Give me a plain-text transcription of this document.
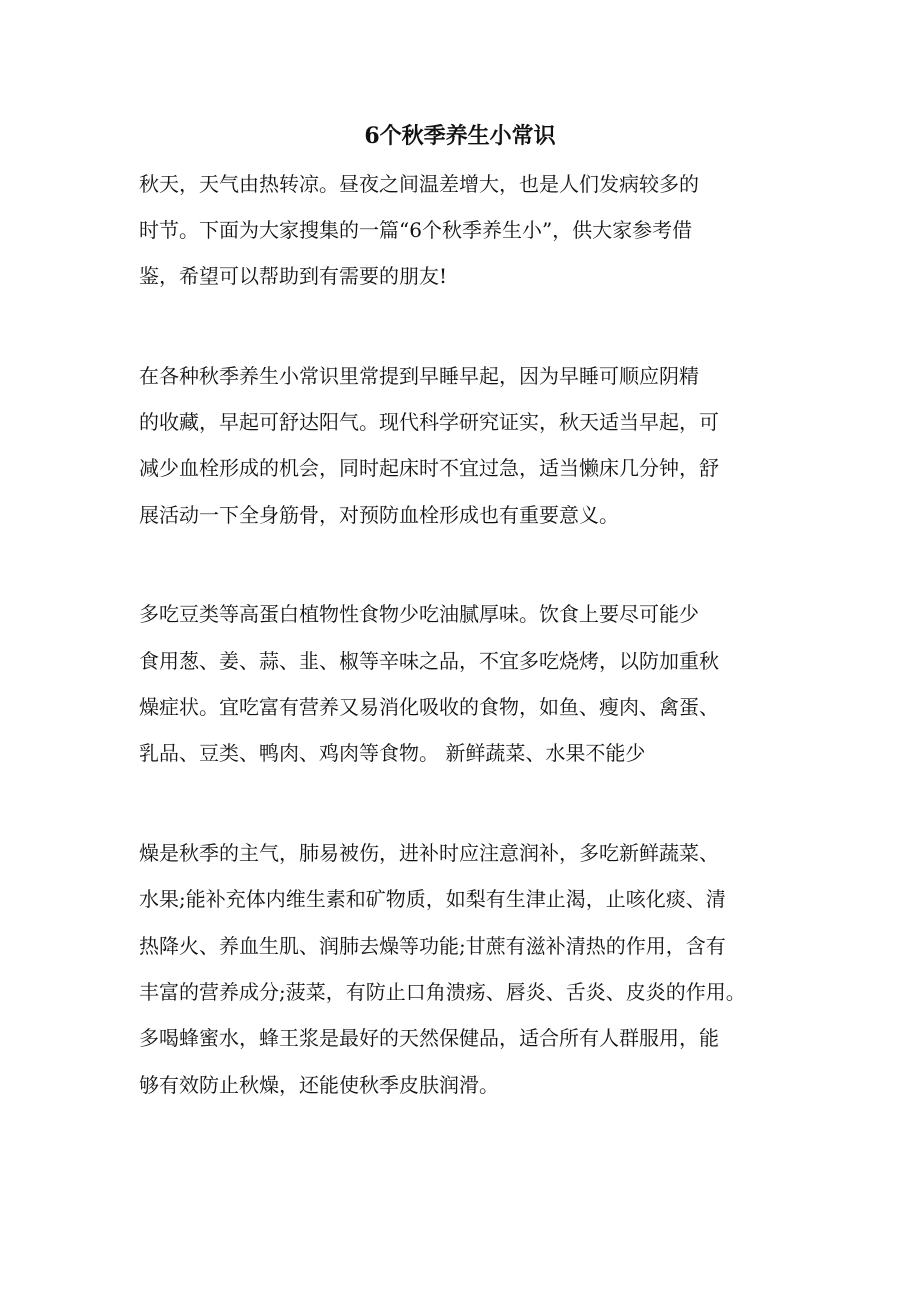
6个秋季养生小常识
秋天，天气由热转凉。昼夜之间温差增大，也是人们发病较多的
时节。下面为大家搜集的一篇“6个秋季养生小”，供大家参考借
鉴，希望可以帮助到有需要的朋友!
在各种秋季养生小常识里常提到早睡早起，因为早睡可顺应阴精
的收藏，早起可舒达阳气。现代科学研究证实，秋天适当早起，可
减少血栓形成的机会，同时起床时不宜过急，适当懒床几分钟，舒
展活动一下全身筋骨，对预防血栓形成也有重要意义。
多吃豆类等高蛋白植物性食物少吃油腻厚味。饮食上要尽可能少
食用葱、姜、蒜、韭、椒等辛味之品，不宜多吃烧烤，以防加重秋
燥症状。宜吃富有营养又易消化吸收的食物，如鱼、瘦肉、禽蛋、
乳品、豆类、鸭肉、鸡肉等食物。 新鲜蔬菜、水果不能少
燥是秋季的主气，肺易被伤，进补时应注意润补，多吃新鲜蔬菜、
水果;能补充体内维生素和矿物质，如梨有生津止渴，止咳化痰、清
热降火、养血生肌、润肺去燥等功能;甘蔗有滋补清热的作用，含有
丰富的营养成分;菠菜，有防止口角溃疡、唇炎、舌炎、皮炎的作用。
多喝蜂蜜水，蜂王浆是最好的天然保健品，适合所有人群服用，能
够有效防止秋燥，还能使秋季皮肤润滑。
